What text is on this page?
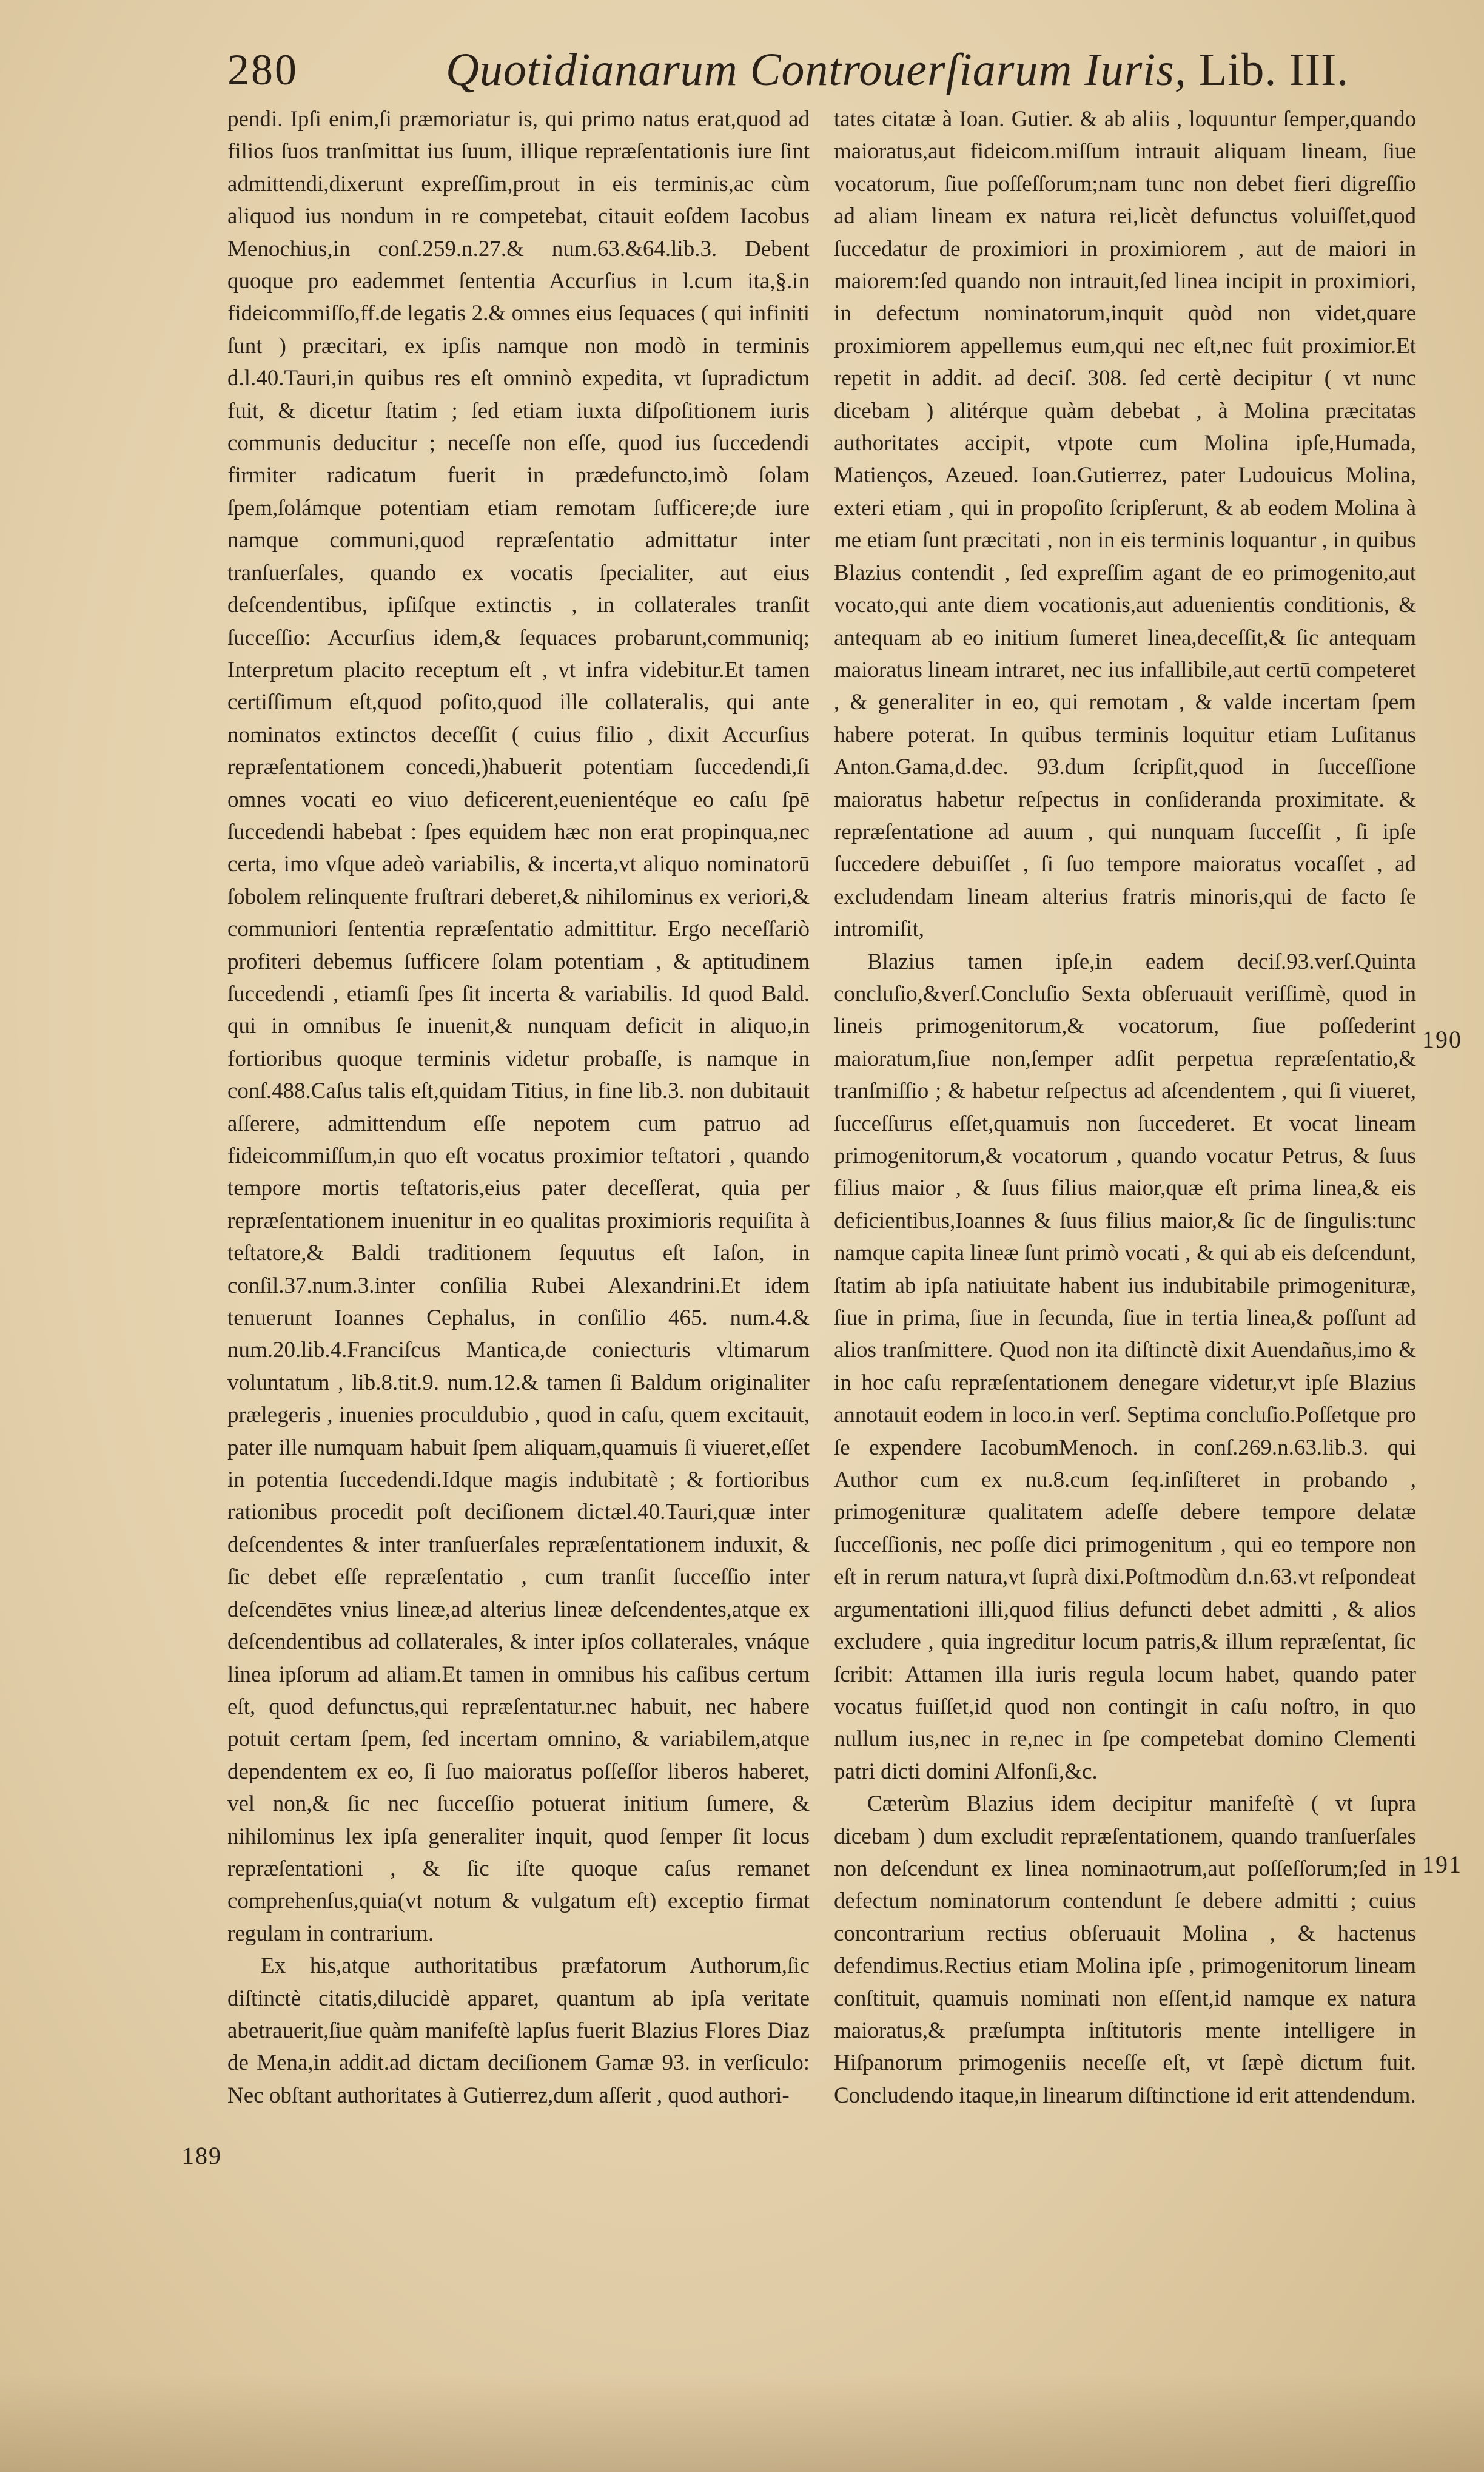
280	Quotidianarum Controuerſiarum Iuris, Lib. III.

pendi. Ipſi enim,ſi præmoriatur is, qui primo natus erat,quod ad filios ſuos tranſmittat ius ſuum, illique repræſentationis iure ſint admittendi,dixerunt expreſſim,prout in eis terminis,ac cùm aliquod ius nondum in re competebat, citauit eoſdem Iacobus Menochius,in conſ.259.n.27.& num.63.&64.lib.3. Debent quoque pro eademmet ſententia Accurſius in l.cum ita,§.in fideicommiſſo,ff.de legatis 2.& omnes eius ſequaces ( qui infiniti ſunt ) præcitari, ex ipſis namque non modò in terminis d.l.40.Tauri,in quibus res eſt omninò expedita, vt ſupradictum fuit, & dicetur ſtatim ; ſed etiam iuxta diſpoſitionem iuris communis deducitur ; neceſſe non eſſe, quod ius ſuccedendi firmiter radicatum fuerit in prædefuncto,imò ſolam ſpem,ſolámque potentiam etiam remotam ſufficere;de iure namque communi,quod repræſentatio admittatur inter tranſuerſales, quando ex vocatis ſpecialiter, aut eius deſcendentibus, ipſiſque extinctis , in collaterales tranſit ſucceſſio: Accurſius idem,& ſequaces probarunt,communiq; Interpretum placito receptum eſt , vt infra videbitur.Et tamen certiſſimum eſt,quod poſito,quod ille collateralis, qui ante nominatos extinctos deceſſit ( cuius filio , dixit Accurſius repræſentationem concedi,)habuerit potentiam ſuccedendi,ſi omnes vocati eo viuo deficerent,euenientéque eo caſu ſpē ſuccedendi habebat : ſpes equidem hæc non erat propinqua,nec certa, imo vſque adeò variabilis, & incerta,vt aliquo nominatorū ſobolem relinquente fruſtrari deberet,& nihilominus ex veriori,& communiori ſententia repræſentatio admittitur. Ergo neceſſariò profiteri debemus ſufficere ſolam potentiam , & aptitudinem ſuccedendi , etiamſi ſpes ſit incerta & variabilis. Id quod Bald. qui in omnibus ſe inuenit,& nunquam deficit in aliquo,in fortioribus quoque terminis videtur probaſſe, is namque in conſ.488.Caſus talis eſt,quidam Titius, in fine lib.3. non dubitauit aſſerere, admittendum eſſe nepotem cum patruo ad fideicommiſſum,in quo eſt vocatus proximior teſtatori , quando tempore mortis teſtatoris,eius pater deceſſerat, quia per repræſentationem inuenitur in eo qualitas proximioris requiſita à teſtatore,& Baldi traditionem ſequutus eſt Iaſon, in conſil.37.num.3.inter conſilia Rubei Alexandrini.Et idem tenuerunt Ioannes Cephalus, in conſilio 465. num.4.& num.20.lib.4.Franciſcus Mantica,de coniecturis vltimarum voluntatum , lib.8.tit.9. num.12.& tamen ſi Baldum originaliter prælegeris , inuenies proculdubio , quod in caſu, quem excitauit, pater ille numquam habuit ſpem aliquam,quamuis ſi viueret,eſſet in potentia ſuccedendi.Idque magis indubitatè ; & fortioribus rationibus procedit poſt deciſionem dictæl.40.Tauri,quæ inter deſcendentes & inter tranſuerſales repræſentationem induxit, & ſic debet eſſe repræſentatio , cum tranſit ſucceſſio inter deſcendētes vnius lineæ,ad alterius lineæ deſcendentes,atque ex deſcendentibus ad collaterales, & inter ipſos collaterales, vnáque linea ipſorum ad aliam.Et tamen in omnibus his caſibus certum eſt, quod defunctus,qui repræſentatur.nec habuit, nec habere potuit certam ſpem, ſed incertam omnino, & variabilem,atque dependentem ex eo, ſi ſuo maioratus poſſeſſor liberos haberet, vel non,& ſic nec ſucceſſio potuerat initium ſumere, & nihilominus lex ipſa generaliter inquit, quod ſemper ſit locus repræſentationi , & ſic iſte quoque caſus remanet comprehenſus,quia(vt notum & vulgatum eſt) exceptio firmat regulam in contrarium.

Ex his,atque authoritatibus præfatorum Authorum,ſic diſtinctè citatis,dilucidè apparet, quantum ab ipſa veritate abetrauerit,ſiue quàm manifeſtè lapſus fuerit Blazius Flores Diaz de Mena,in addit.ad dictam deciſionem Gamæ 93. in verſiculo: Nec obſtant authoritates à Gutierrez,dum aſſerit , quod authori-

tates citatæ à Ioan. Gutier. & ab aliis , loquuntur ſemper,quando maioratus,aut fideicom.miſſum intrauit aliquam lineam, ſiue vocatorum, ſiue poſſeſſorum;nam tunc non debet fieri digreſſio ad aliam lineam ex natura rei,licèt defunctus voluiſſet,quod ſuccedatur de proximiori in proximiorem , aut de maiori in maiorem:ſed quando non intrauit,ſed linea incipit in proximiori, in defectum nominatorum,inquit quòd non videt,quare proximiorem appellemus eum,qui nec eſt,nec fuit proximior.Et repetit in addit. ad deciſ. 308. ſed certè decipitur ( vt nunc dicebam ) alitérque quàm debebat , à Molina præcitatas authoritates accipit, vtpote cum Molina ipſe,Humada, Matienços, Azeued. Ioan.Gutierrez, pater Ludouicus Molina, exteri etiam , qui in propoſito ſcripſerunt, & ab eodem Molina à me etiam ſunt præcitati , non in eis terminis loquantur , in quibus Blazius contendit , ſed expreſſim agant de eo primogenito,aut vocato,qui ante diem vocationis,aut aduenientis conditionis, & antequam ab eo initium ſumeret linea,deceſſit,& ſic antequam maioratus lineam intraret, nec ius infallibile,aut certū competeret , & generaliter in eo, qui remotam , & valde incertam ſpem habere poterat. In quibus terminis loquitur etiam Luſitanus Anton.Gama,d.dec. 93.dum ſcripſit,quod in ſucceſſione maioratus habetur reſpectus in conſideranda proximitate. & repræſentatione ad auum , qui nunquam ſucceſſit , ſi ipſe ſuccedere debuiſſet , ſi ſuo tempore maioratus vocaſſet , ad excludendam lineam alterius fratris minoris,qui de facto ſe intromiſit,

Blazius tamen ipſe,in eadem deciſ.93.verſ.Quinta concluſio,&verſ.Concluſio Sexta obſeruauit veriſſimè, quod in lineis primogenitorum,& vocatorum, ſiue poſſederint maioratum,ſiue non,ſemper adſit perpetua repræſentatio,& tranſmiſſio ; & habetur reſpectus ad aſcendentem , qui ſi viueret, ſucceſſurus eſſet,quamuis non ſuccederet. Et vocat lineam primogenitorum,& vocatorum , quando vocatur Petrus, & ſuus filius maior , & ſuus filius maior,quæ eſt prima linea,& eis deficientibus,Ioannes & ſuus filius maior,& ſic de ſingulis:tunc namque capita lineæ ſunt primò vocati , & qui ab eis deſcendunt, ſtatim ab ipſa natiuitate habent ius indubitabile primogenituræ, ſiue in prima, ſiue in ſecunda, ſiue in tertia linea,& poſſunt ad alios tranſmittere. Quod non ita diſtinctè dixit Auendañus,imo & in hoc caſu repræſentationem denegare videtur,vt ipſe Blazius annotauit eodem in loco.in verſ. Septima concluſio.Poſſetque pro ſe expendere IacobumMenoch. in conſ.269.n.63.lib.3. qui Author cum ex nu.8.cum ſeq.inſiſteret in probando , primogenituræ qualitatem adeſſe debere tempore delatæ ſucceſſionis, nec poſſe dici primogenitum , qui eo tempore non eſt in rerum natura,vt ſuprà dixi.Poſtmodùm d.n.63.vt reſpondeat argumentationi illi,quod filius defuncti debet admitti , & alios excludere , quia ingreditur locum patris,& illum repræſentat, ſic ſcribit: Attamen illa iuris regula locum habet, quando pater vocatus fuiſſet,id quod non contingit in caſu noſtro, in quo nullum ius,nec in re,nec in ſpe competebat domino Clementi patri dicti domini Alfonſi,&c.

Cæterùm Blazius idem decipitur manifeſtè ( vt ſupra dicebam ) dum excludit repræſentationem, quando tranſuerſales non deſcendunt ex linea nominaotrum,aut poſſeſſorum;ſed in defectum nominatorum contendunt ſe debere admitti ; cuius concontrarium rectius obſeruauit Molina , & hactenus defendimus.Rectius etiam Molina ipſe , primogenitorum lineam conſtituit, quamuis nominati non eſſent,id namque ex natura maioratus,& præſumpta inſtitutoris mente intelligere in Hiſpanorum primogeniis neceſſe eſt, vt ſæpè dictum fuit. Concludendo itaque,in linearum diſtinctione id erit attendendum.

189
190
191
